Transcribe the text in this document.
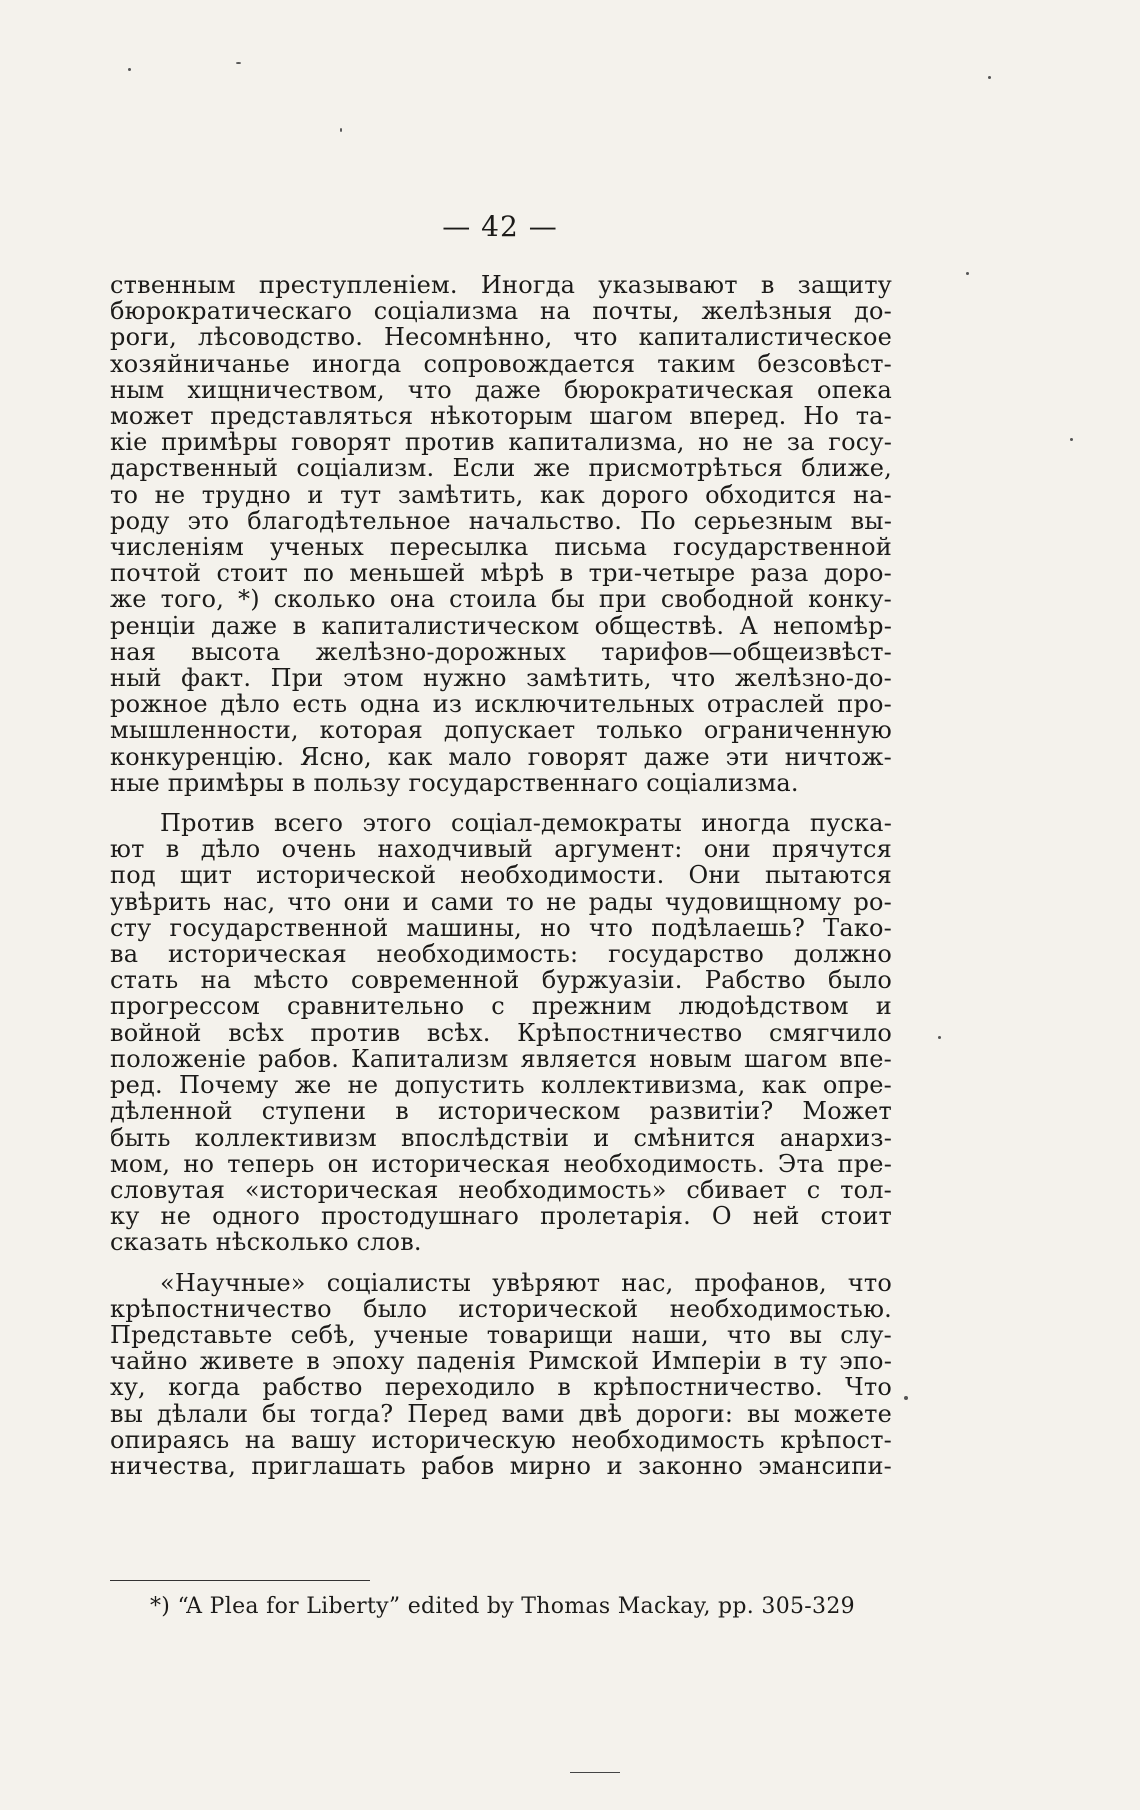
— 42 —
ственным преступленіем. Иногда указывают в защиту
бюрократическаго соціализма на почты, желѣзныя до-
роги, лѣсоводство. Несомнѣнно, что капиталистическое
хозяйничанье иногда сопровождается таким безсовѣст-
ным хищничеством, что даже бюрократическая опека
может представляться нѣкоторым шагом вперед. Но та-
кіе примѣры говорят против капитализма, но не за госу-
дарственный соціализм. Если же присмотрѣться ближе,
то не трудно и тут замѣтить, как дорого обходится на-
роду это благодѣтельное начальство. По серьезным вы-
численіям ученых пересылка письма государственной
почтой стоит по меньшей мѣрѣ в три-четыре раза доро-
же того, *) сколько она стоила бы при свободной конку-
ренціи даже в капиталистическом обществѣ. А непомѣр-
ная высота желѣзно-дорожных тарифов—общеизвѣст-
ный факт. При этом нужно замѣтить, что желѣзно-до-
рожное дѣло есть одна из исключительных отраслей про-
мышленности, которая допускает только ограниченную
конкуренцію. Ясно, как мало говорят даже эти ничтож-
ные примѣры в пользу государственнаго соціализма.
Против всего этого соціал-демократы иногда пуска-
ют в дѣло очень находчивый аргумент: они прячутся
под щит исторической необходимости. Они пытаются
увѣрить нас, что они и сами то не рады чудовищному ро-
сту государственной машины, но что подѣлаешь? Тако-
ва историческая необходимость: государство должно
стать на мѣсто современной буржуазіи. Рабство было
прогрессом сравнительно с прежним людоѣдством и
войной всѣх против всѣх. Крѣпостничество смягчило
положеніе рабов. Капитализм является новым шагом впе-
ред. Почему же не допустить коллективизма, как опре-
дѣленной ступени в историческом развитіи? Может
быть коллективизм впослѣдствіи и смѣнится анархиз-
мом, но теперь он историческая необходимость. Эта пре-
словутая «историческая необходимость» сбивает с тол-
ку не одного простодушнаго пролетарія. О ней стоит
сказать нѣсколько слов.
«Научные» соціалисты увѣряют нас, профанов, что
крѣпостничество было исторической необходимостью.
Представьте себѣ, ученые товарищи наши, что вы слу-
чайно живете в эпоху паденія Римской Имперіи в ту эпо-
ху, когда рабство переходило в крѣпостничество. Что
вы дѣлали бы тогда? Перед вами двѣ дороги: вы можете
опираясь на вашу историческую необходимость крѣпост-
ничества, приглашать рабов мирно и законно эмансипи-
*) “A Plea for Liberty” edited by Thomas Mackay, pp. 305-329
